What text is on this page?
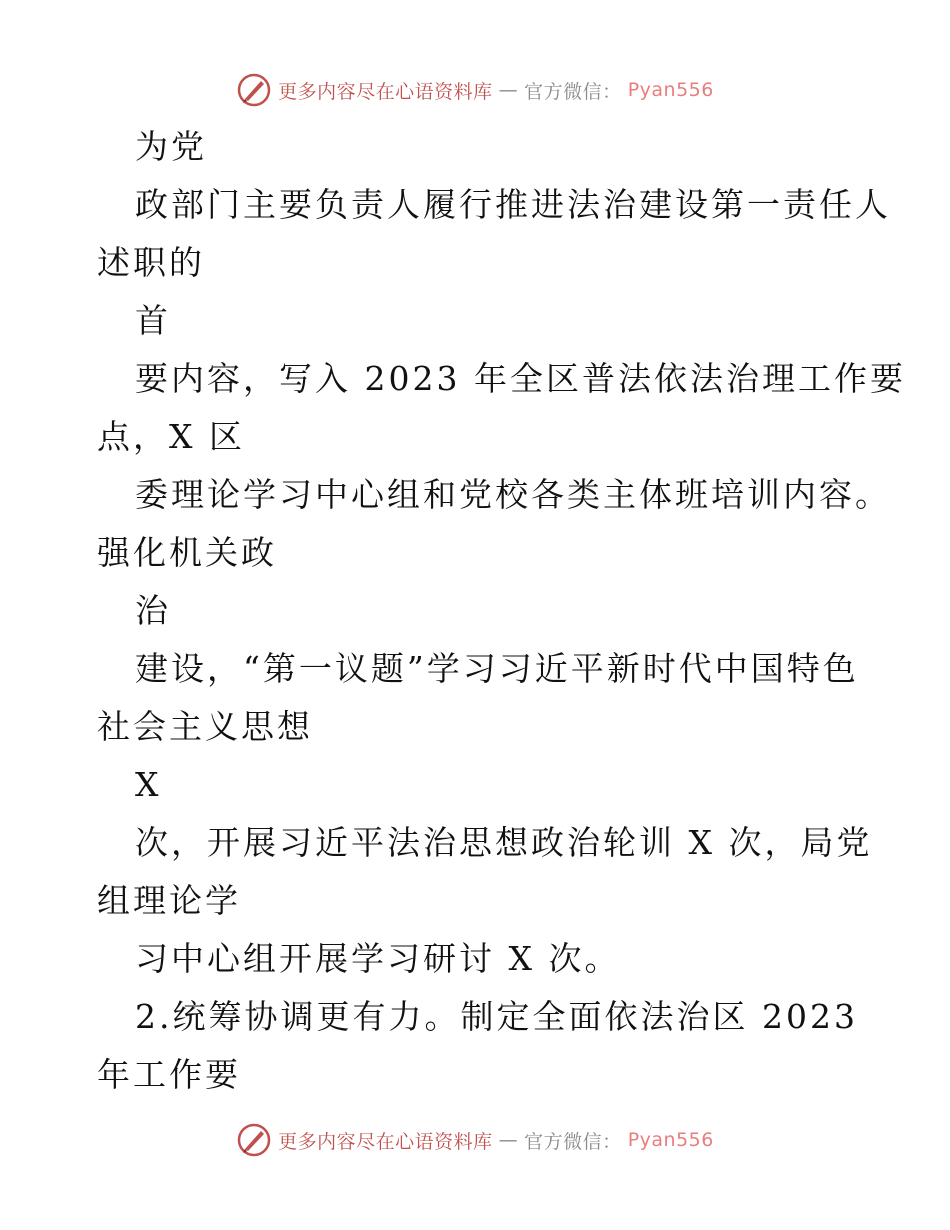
更多内容尽在心语资料库 — 官方微信： Pyan556
为党
政部门主要负责人履行推进法治建设第一责任人
述职的
首
要内容，写入 2023 年全区普法依法治理工作要
点，X 区
委理论学习中心组和党校各类主体班培训内容。
强化机关政
治
建设，“第一议题”学习习近平新时代中国特色
社会主义思想
X
次，开展习近平法治思想政治轮训 X 次，局党
组理论学
习中心组开展学习研讨 X 次。
2.统筹协调更有力。制定全面依法治区 2023
年工作要
更多内容尽在心语资料库 — 官方微信： Pyan556
